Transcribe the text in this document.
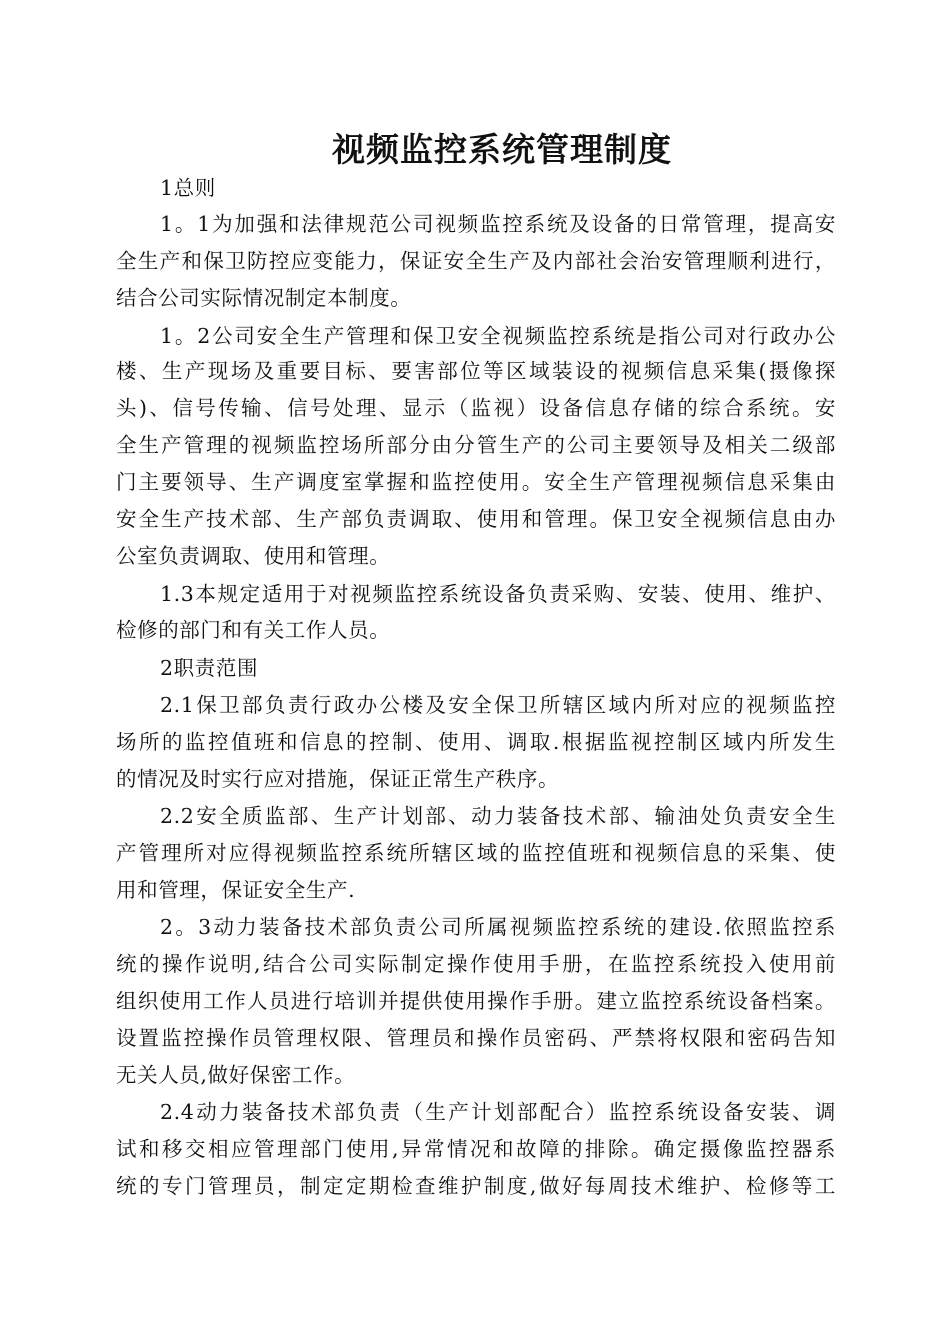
视频监控系统管理制度
1总则
1。1为加强和法律规范公司视频监控系统及设备的日常管理，提高安
全生产和保卫防控应变能力，保证安全生产及内部社会治安管理顺利进行，
结合公司实际情况制定本制度。
1。2公司安全生产管理和保卫安全视频监控系统是指公司对行政办公
楼、生产现场及重要目标、要害部位等区域装设的视频信息采集(摄像探
头)、信号传输、信号处理、显示（监视）设备信息存储的综合系统。安
全生产管理的视频监控场所部分由分管生产的公司主要领导及相关二级部
门主要领导、生产调度室掌握和监控使用。安全生产管理视频信息采集由
安全生产技术部、生产部负责调取、使用和管理。保卫安全视频信息由办
公室负责调取、使用和管理。
1.3本规定适用于对视频监控系统设备负责采购、安装、使用、维护、
检修的部门和有关工作人员。
2职责范围
2.1保卫部负责行政办公楼及安全保卫所辖区域内所对应的视频监控
场所的监控值班和信息的控制、使用、调取.根据监视控制区域内所发生
的情况及时实行应对措施，保证正常生产秩序。
2.2安全质监部、生产计划部、动力装备技术部、输油处负责安全生
产管理所对应得视频监控系统所辖区域的监控值班和视频信息的采集、使
用和管理，保证安全生产.
2。3动力装备技术部负责公司所属视频监控系统的建设.依照监控系
统的操作说明,结合公司实际制定操作使用手册，在监控系统投入使用前
组织使用工作人员进行培训并提供使用操作手册。建立监控系统设备档案。
设置监控操作员管理权限、管理员和操作员密码、严禁将权限和密码告知
无关人员,做好保密工作。
2.4动力装备技术部负责（生产计划部配合）监控系统设备安装、调
试和移交相应管理部门使用,异常情况和故障的排除。确定摄像监控器系
统的专门管理员，制定定期检查维护制度,做好每周技术维护、检修等工
